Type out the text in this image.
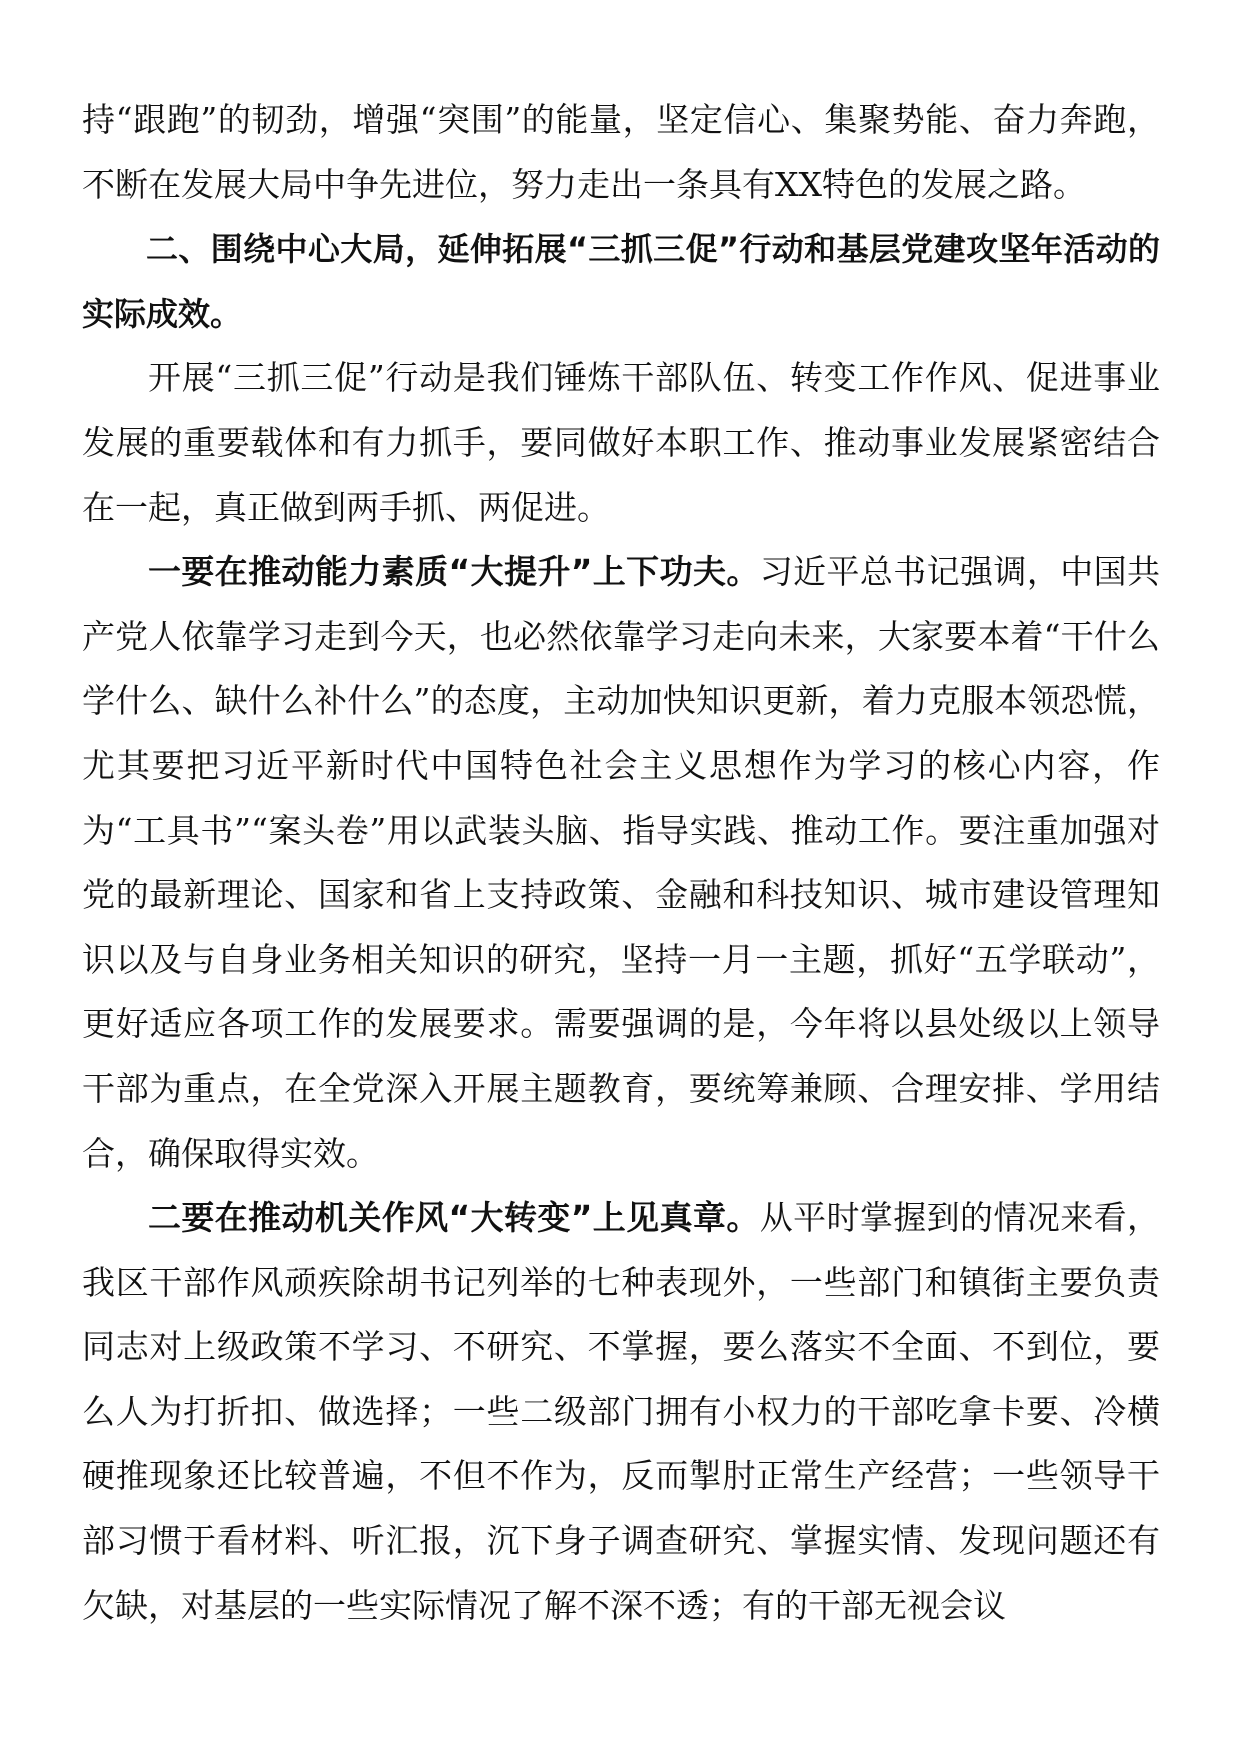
持“跟跑”的韧劲，增强“突围”的能量，坚定信心、集聚势能、奋力奔跑，不断在发展大局中争先进位，努力走出一条具有XX特色的发展之路。

二、围绕中心大局，延伸拓展“三抓三促”行动和基层党建攻坚年活动的实际成效。

开展“三抓三促”行动是我们锤炼干部队伍、转变工作作风、促进事业发展的重要载体和有力抓手，要同做好本职工作、推动事业发展紧密结合在一起，真正做到两手抓、两促进。

一要在推动能力素质“大提升”上下功夫。习近平总书记强调，中国共产党人依靠学习走到今天，也必然依靠学习走向未来，大家要本着“干什么学什么、缺什么补什么”的态度，主动加快知识更新，着力克服本领恐慌，尤其要把习近平新时代中国特色社会主义思想作为学习的核心内容，作为“工具书”“案头卷”用以武装头脑、指导实践、推动工作。要注重加强对党的最新理论、国家和省上支持政策、金融和科技知识、城市建设管理知识以及与自身业务相关知识的研究，坚持一月一主题，抓好“五学联动”，更好适应各项工作的发展要求。需要强调的是，今年将以县处级以上领导干部为重点，在全党深入开展主题教育，要统筹兼顾、合理安排、学用结合，确保取得实效。

二要在推动机关作风“大转变”上见真章。从平时掌握到的情况来看，我区干部作风顽疾除胡书记列举的七种表现外，一些部门和镇街主要负责同志对上级政策不学习、不研究、不掌握，要么落实不全面、不到位，要么人为打折扣、做选择；一些二级部门拥有小权力的干部吃拿卡要、冷横硬推现象还比较普遍，不但不作为，反而掣肘正常生产经营；一些领导干部习惯于看材料、听汇报，沉下身子调查研究、掌握实情、发现问题还有欠缺，对基层的一些实际情况了解不深不透；有的干部无视会议
